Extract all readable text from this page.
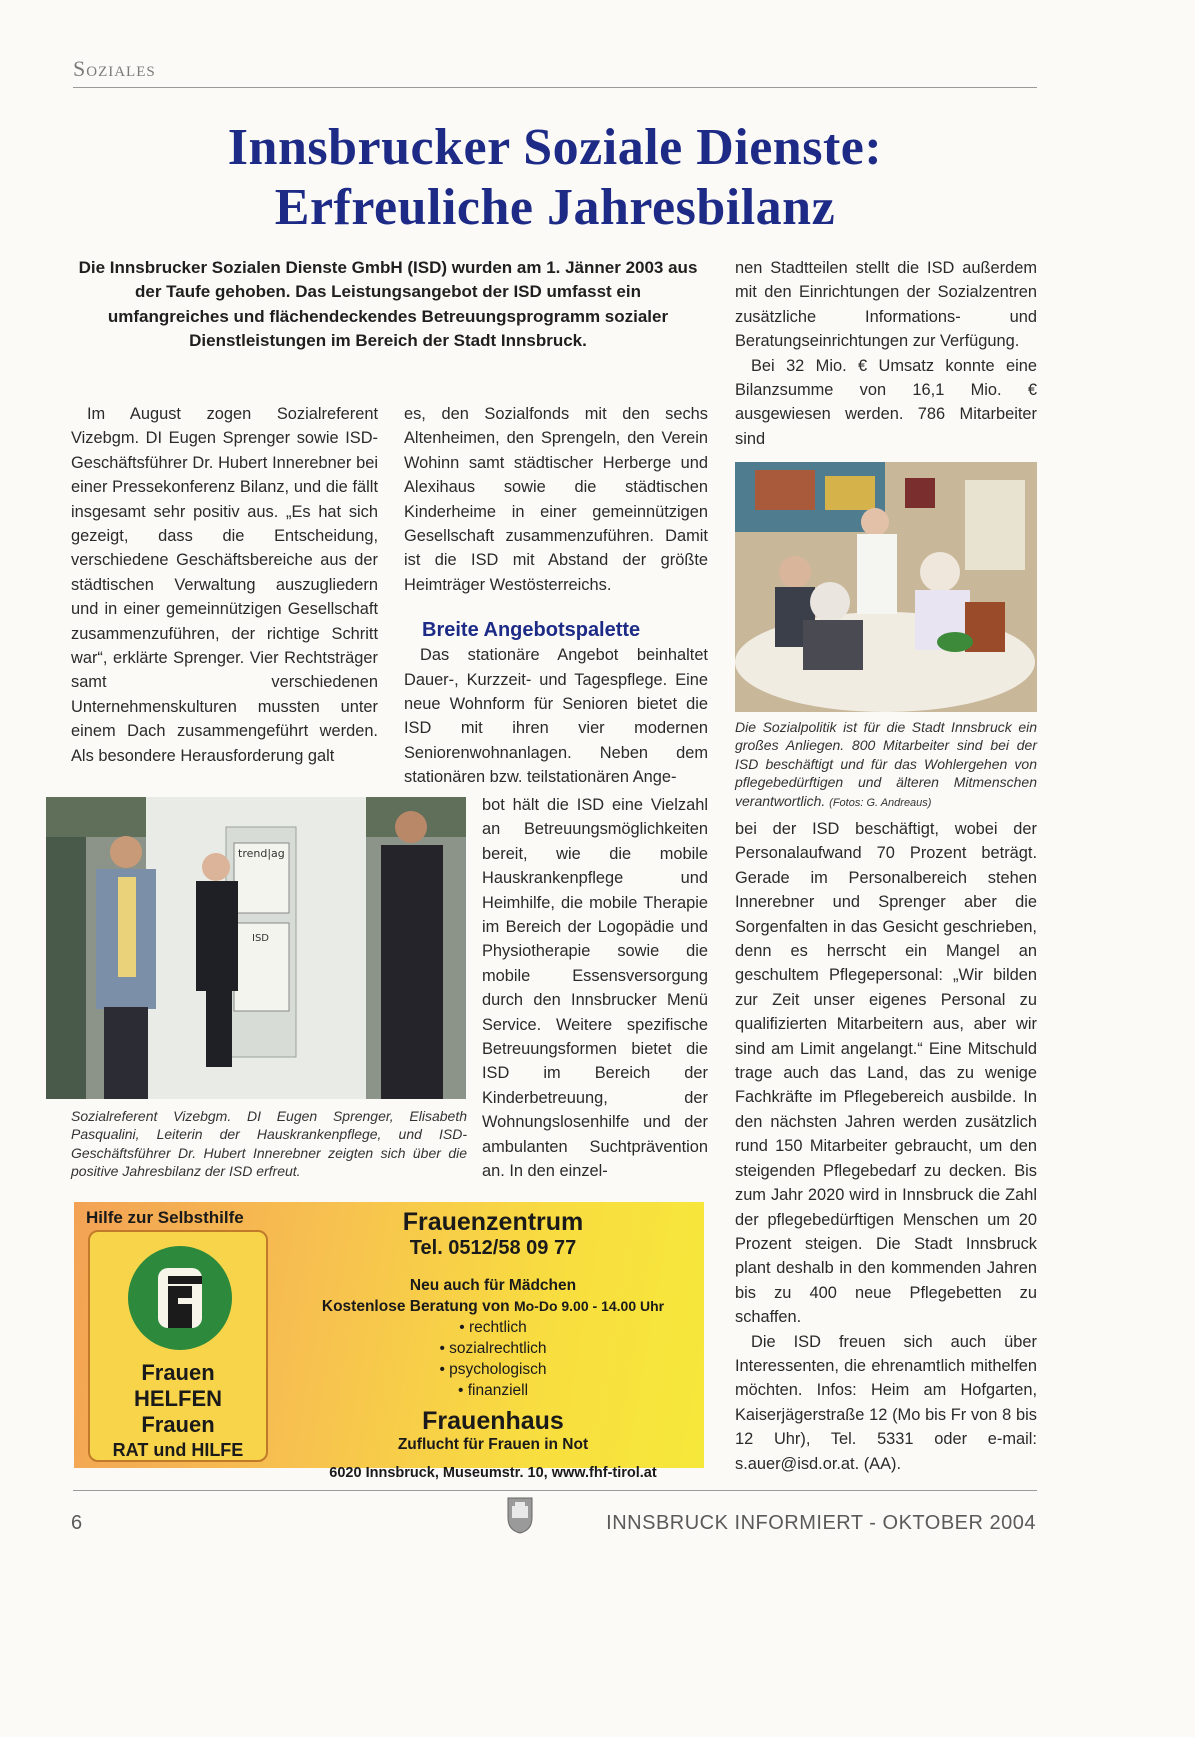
Soziales
Innsbrucker Soziale Dienste:
Erfreuliche Jahresbilanz
Die Innsbrucker Sozialen Dienste GmbH (ISD) wurden am 1. Jänner 2003 aus der Taufe gehoben. Das Leistungsangebot der ISD umfasst ein umfangreiches und flächendeckendes Betreuungsprogramm sozialer Dienstleistungen im Bereich der Stadt Innsbruck.

Im August zogen Sozialreferent Vizebgm. DI Eugen Sprenger sowie ISD-Geschäftsführer Dr. Hubert Innerebner bei einer Pressekonferenz Bilanz, und die fällt insgesamt sehr positiv aus. „Es hat sich gezeigt, dass die Entscheidung, verschiedene Geschäftsbereiche aus der städtischen Verwaltung auszugliedern und in einer gemeinnützigen Gesellschaft zusammenzuführen, der richtige Schritt war“, erklärte Sprenger. Vier Rechtsträger samt verschiedenen Unternehmenskulturen mussten unter einem Dach zusammengeführt werden. Als besondere Herausforderung galt

es, den Sozialfonds mit den sechs Altenheimen, den Sprengeln, den Verein Wohinn samt städtischer Herberge und Alexihaus sowie die städtischen Kinderheime in einer gemeinnützigen Gesellschaft zusammenzuführen. Damit ist die ISD mit Abstand der größte Heimträger Westösterreichs.

Breite Angebotspalette

Das stationäre Angebot beinhaltet Dauer-, Kurzzeit- und Tagespflege. Eine neue Wohnform für Senioren bietet die ISD mit ihren vier modernen Seniorenwohnanlagen. Neben dem stationären bzw. teilstationären Ange-

bot hält die ISD eine Vielzahl an Betreuungsmöglichkeiten bereit, wie die mobile Hauskrankenpflege und Heimhilfe, die mobile Therapie im Bereich der Logopädie und Physiotherapie sowie die mobile Essensversorgung durch den Innsbrucker Menü Service. Weitere spezifische Betreuungsformen bietet die ISD im Bereich der Kinderbetreuung, der Wohnungslosenhilfe und der ambulanten Suchtprävention an. In den einzel-

nen Stadtteilen stellt die ISD außerdem mit den Einrichtungen der Sozialzentren zusätzliche Informations- und Beratungseinrichtungen zur Verfügung.

Bei 32 Mio. € Umsatz konnte eine Bilanzsumme von 16,1 Mio. € ausgewiesen werden. 786 Mitarbeiter sind

Die Sozialpolitik ist für die Stadt Innsbruck ein großes Anliegen. 800 Mitarbeiter sind bei der ISD beschäftigt und für das Wohlergehen von pflegebedürftigen und älteren Mitmenschen verantwortlich. (Fotos: G. Andreaus)

bei der ISD beschäftigt, wobei der Personalaufwand 70 Prozent beträgt. Gerade im Personalbereich stehen Innerebner und Sprenger aber die Sorgenfalten in das Gesicht geschrieben, denn es herrscht ein Mangel an geschultem Pflegepersonal: „Wir bilden zur Zeit unser eigenes Personal zu qualifizierten Mitarbeitern aus, aber wir sind am Limit angelangt.“ Eine Mitschuld trage auch das Land, das zu wenige Fachkräfte im Pflegebereich ausbilde. In den nächsten Jahren werden zusätzlich rund 150 Mitarbeiter gebraucht, um den steigenden Pflegebedarf zu decken. Bis zum Jahr 2020 wird in Innsbruck die Zahl der pflegebedürftigen Menschen um 20 Prozent steigen. Die Stadt Innsbruck plant deshalb in den kommenden Jahren bis zu 400 neue Pflegebetten zu schaffen.

Die ISD freuen sich auch über Interessenten, die ehrenamtlich mithelfen möchten. Infos: Heim am Hofgarten, Kaiserjägerstraße 12 (Mo bis Fr von 8 bis 12 Uhr), Tel. 5331 oder e-mail: s.auer@isd.or.at. (AA).

trend|ag
ISD
Sozialreferent Vizebgm. DI Eugen Sprenger, Elisabeth Pasqualini, Leiterin der Hauskrankenpflege, und ISD-Geschäftsführer Dr. Hubert Innerebner zeigten sich über die positive Jahresbilanz der ISD erfreut.
Hilfe zur Selbsthilfe
Frauen
HELFEN
Frauen
RAT und HILFE
Frauenzentrum
Tel. 0512/58 09 77
Neu auch für Mädchen
Kostenlose Beratung von Mo-Do 9.00 - 14.00 Uhr
• rechtlich
• sozialrechtlich
• psychologisch
• finanziell
Frauenhaus
Zuflucht für Frauen in Not
6020 Innsbruck, Museumstr. 10, www.fhf-tirol.at
6	INNSBRUCK INFORMIERT - OKTOBER 2004
